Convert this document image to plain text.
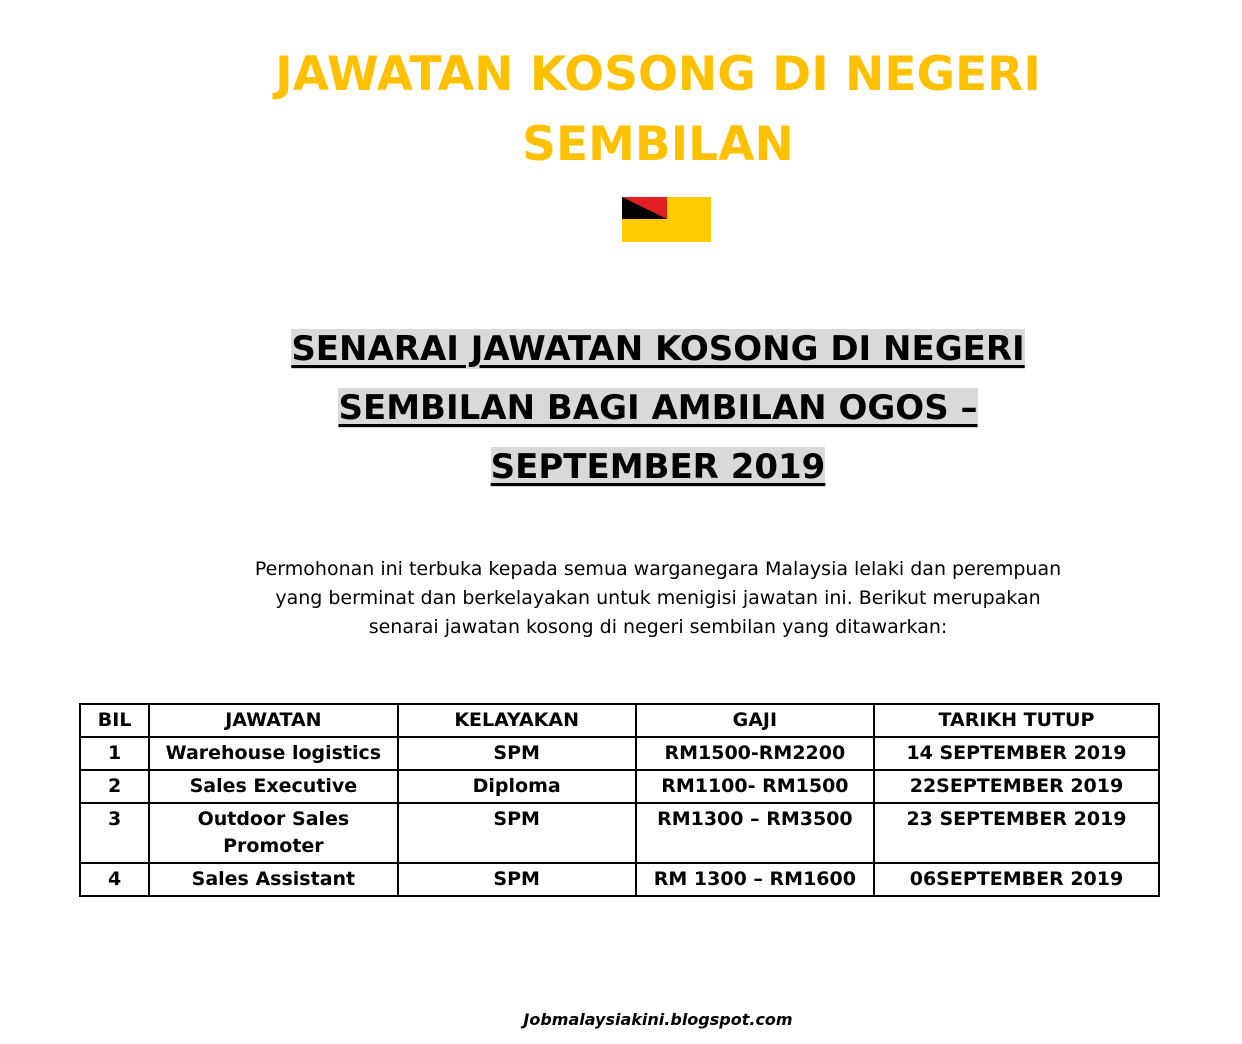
JAWATAN KOSONG DI NEGERI
SEMBILAN
SENARAI JAWATAN KOSONG DI NEGERI
SEMBILAN BAGI AMBILAN OGOS –
SEPTEMBER 2019

Permohonan ini terbuka kepada semua warganegara Malaysia lelaki dan perempuan
yang berminat dan berkelayakan untuk menigisi jawatan ini. Berikut merupakan
senarai jawatan kosong di negeri sembilan yang ditawarkan:

BIL	JAWATAN	KELAYAKAN	GAJI	TARIKH TUTUP
1	Warehouse logistics	SPM	RM1500-RM2200	14 SEPTEMBER 2019
2	Sales Executive	Diploma	RM1100- RM1500	22SEPTEMBER 2019
3	Outdoor Sales Promoter	SPM	RM1300 – RM3500	23 SEPTEMBER 2019
4	Sales Assistant	SPM	RM 1300 – RM1600	06SEPTEMBER 2019

Jobmalaysiakini.blogspot.com
